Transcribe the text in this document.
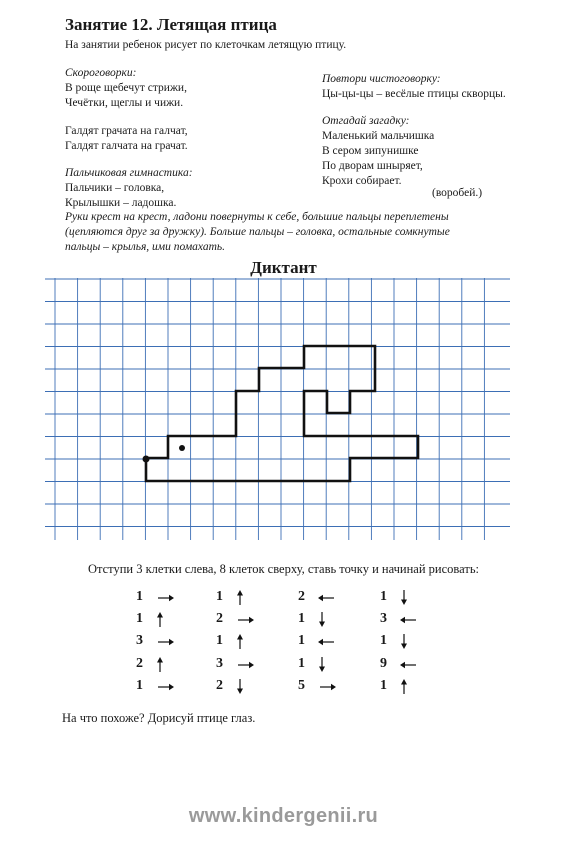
Занятие 12. Летящая птица
На занятии ребенок рисует по клеточкам летящую птицу.
Скороговорки:
В роще щебечут стрижи,
Чечётки, щеглы и чижи.
Галдят грачата на галчат,
Галдят галчата на грачат.
Повтори чистоговорку:
Цы-цы-цы – весёлые птицы скворцы.
Отгадай загадку:
Маленький мальчишка
В сером зипунишке
По дворам шныряет,
Крохи собирает.
(воробей.)
Пальчиковая гимнастика:
Пальчики – головка,
Крылышки – ладошка.
Руки крест на крест, ладони повернуты к себе, большие пальцы переплетены
(цепляются друг за дружку). Больше пальцы – головка, остальные сомкнутые
пальцы – крылья, ими помахать.
Диктант
Отступи 3 клетки слева, 8 клеток сверху, ставь точку и начинай рисовать:
1
1
3
2
1
1
2
1
3
2
2
1
1
1
5
1
3
1
9
1
На что похоже? Дорисуй птице глаз.
www.kindergenii.ru
